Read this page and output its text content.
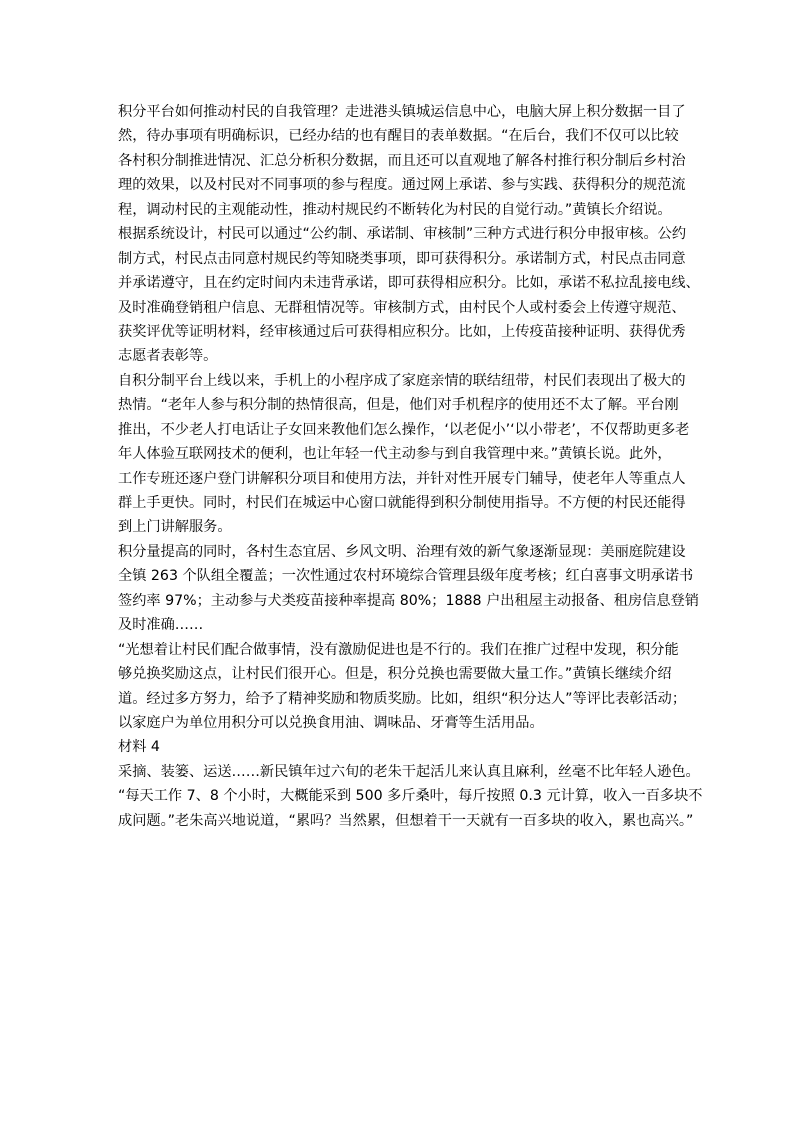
积分平台如何推动村民的自我管理？走进港头镇城运信息中心，电脑大屏上积分数据一目了
然，待办事项有明确标识，已经办结的也有醒目的表单数据。“在后台，我们不仅可以比较
各村积分制推进情况、汇总分析积分数据，而且还可以直观地了解各村推行积分制后乡村治
理的效果，以及村民对不同事项的参与程度。通过网上承诺、参与实践、获得积分的规范流
程，调动村民的主观能动性，推动村规民约不断转化为村民的自觉行动。”黄镇长介绍说。
根据系统设计，村民可以通过“公约制、承诺制、审核制”三种方式进行积分申报审核。公约
制方式，村民点击同意村规民约等知晓类事项，即可获得积分。承诺制方式，村民点击同意
并承诺遵守，且在约定时间内未违背承诺，即可获得相应积分。比如，承诺不私拉乱接电线、
及时准确登销租户信息、无群租情况等。审核制方式，由村民个人或村委会上传遵守规范、
获奖评优等证明材料，经审核通过后可获得相应积分。比如，上传疫苗接种证明、获得优秀
志愿者表彰等。
自积分制平台上线以来，手机上的小程序成了家庭亲情的联结纽带，村民们表现出了极大的
热情。“老年人参与积分制的热情很高，但是，他们对手机程序的使用还不太了解。平台刚
推出，不少老人打电话让子女回来教他们怎么操作，‘以老促小’‘以小带老’，不仅帮助更多老
年人体验互联网技术的便利，也让年轻一代主动参与到自我管理中来。”黄镇长说。此外，
工作专班还逐户登门讲解积分项目和使用方法，并针对性开展专门辅导，使老年人等重点人
群上手更快。同时，村民们在城运中心窗口就能得到积分制使用指导。不方便的村民还能得
到上门讲解服务。
积分量提高的同时，各村生态宜居、乡风文明、治理有效的新气象逐渐显现：美丽庭院建设
全镇 263 个队组全覆盖；一次性通过农村环境综合管理县级年度考核；红白喜事文明承诺书
签约率 97%；主动参与犬类疫苗接种率提高 80%；1888 户出租屋主动报备、租房信息登销
及时准确……
“光想着让村民们配合做事情，没有激励促进也是不行的。我们在推广过程中发现，积分能
够兑换奖励这点，让村民们很开心。但是，积分兑换也需要做大量工作。”黄镇长继续介绍
道。经过多方努力，给予了精神奖励和物质奖励。比如，组织“积分达人”等评比表彰活动；
以家庭户为单位用积分可以兑换食用油、调味品、牙膏等生活用品。
材料 4
采摘、装篓、运送……新民镇年过六旬的老朱干起活儿来认真且麻利，丝毫不比年轻人逊色。
“每天工作 7、8 个小时，大概能采到 500 多斤桑叶，每斤按照 0.3 元计算，收入一百多块不
成问题。”老朱高兴地说道，“累吗？当然累，但想着干一天就有一百多块的收入，累也高兴。”
